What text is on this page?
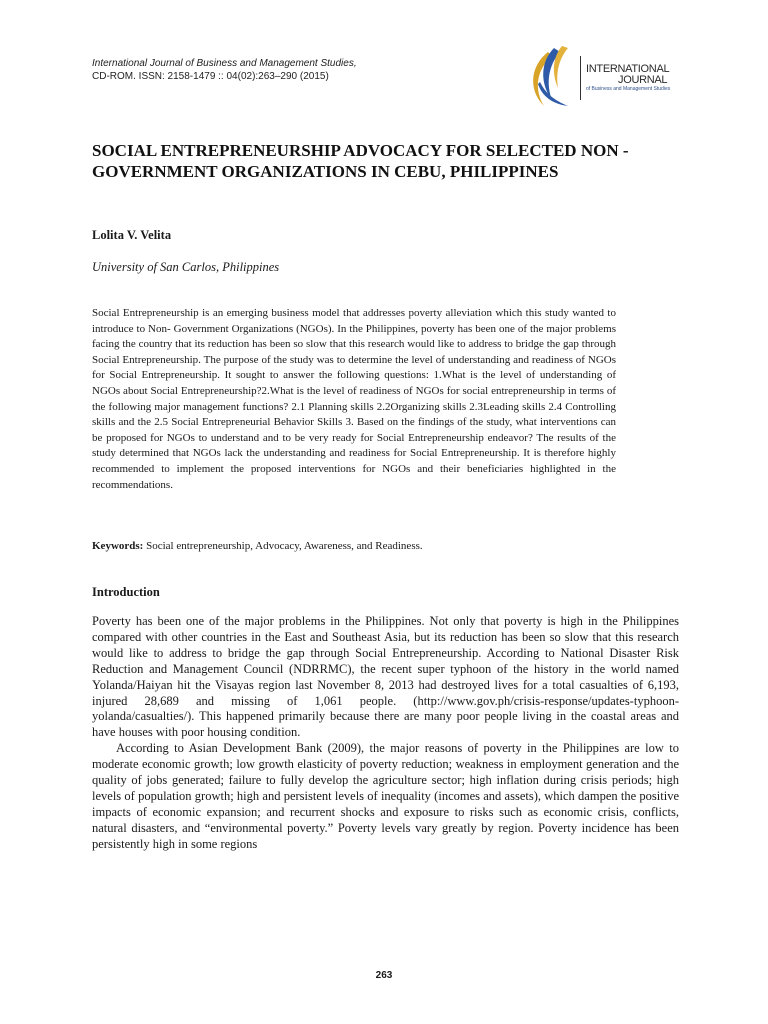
International Journal of Business and Management Studies,
CD-ROM. ISSN: 2158-1479 :: 04(02):263–290 (2015)
INTERNATIONAL
JOURNAL
of Business and Management Studies
SOCIAL ENTREPRENEURSHIP ADVOCACY FOR SELECTED NON - GOVERNMENT ORGANIZATIONS IN CEBU, PHILIPPINES
Lolita V. Velita
University of San Carlos, Philippines

Social Entrepreneurship is an emerging business model that addresses poverty alleviation which this study wanted to introduce to Non- Government Organizations (NGOs). In the Philippines, poverty has been one of the major problems facing the country that its reduction has been so slow that this research would like to address to bridge the gap through Social Entrepreneurship. The purpose of the study was to determine the level of understanding and readiness of NGOs for Social Entrepreneurship. It sought to answer the following questions: 1.What is the level of understanding of NGOs about Social Entrepreneurship?2.What is the level of readiness of NGOs for social entrepreneurship in terms of the following major management functions? 2.1 Planning skills 2.2Organizing skills 2.3Leading skills 2.4 Controlling skills and the 2.5 Social Entrepreneurial Behavior Skills 3. Based on the findings of the study, what interventions can be proposed for NGOs to understand and to be very ready for Social Entrepreneurship endeavor? The results of the study determined that NGOs lack the understanding and readiness for Social Entrepreneurship. It is therefore highly recommended to implement the proposed interventions for NGOs and their beneficiaries highlighted in the recommendations.

Keywords: Social entrepreneurship, Advocacy, Awareness, and Readiness.

Introduction

Poverty has been one of the major problems in the Philippines. Not only that poverty is high in the Philippines compared with other countries in the East and Southeast Asia, but its reduction has been so slow that this research would like to address to bridge the gap through Social Entrepreneurship. According to National Disaster Risk Reduction and Management Council (NDRRMC), the recent super typhoon of the history in the world named Yolanda/Haiyan hit the Visayas region last November 8, 2013 had destroyed lives for a total casualties of 6,193, injured 28,689 and missing of 1,061 people. (http://www.gov.ph/crisis-response/updates-typhoon-yolanda/casualties/). This happened primarily because there are many poor people living in the coastal areas and have houses with poor housing condition.

According to Asian Development Bank (2009), the major reasons of poverty in the Philippines are low to moderate economic growth; low growth elasticity of poverty reduction; weakness in employment generation and the quality of jobs generated; failure to fully develop the agriculture sector; high inflation during crisis periods; high levels of population growth; high and persistent levels of inequality (incomes and assets), which dampen the positive impacts of economic expansion; and recurrent shocks and exposure to risks such as economic crisis, conflicts, natural disasters, and “environmental poverty.” Poverty levels vary greatly by region. Poverty incidence has been persistently high in some regions

263
